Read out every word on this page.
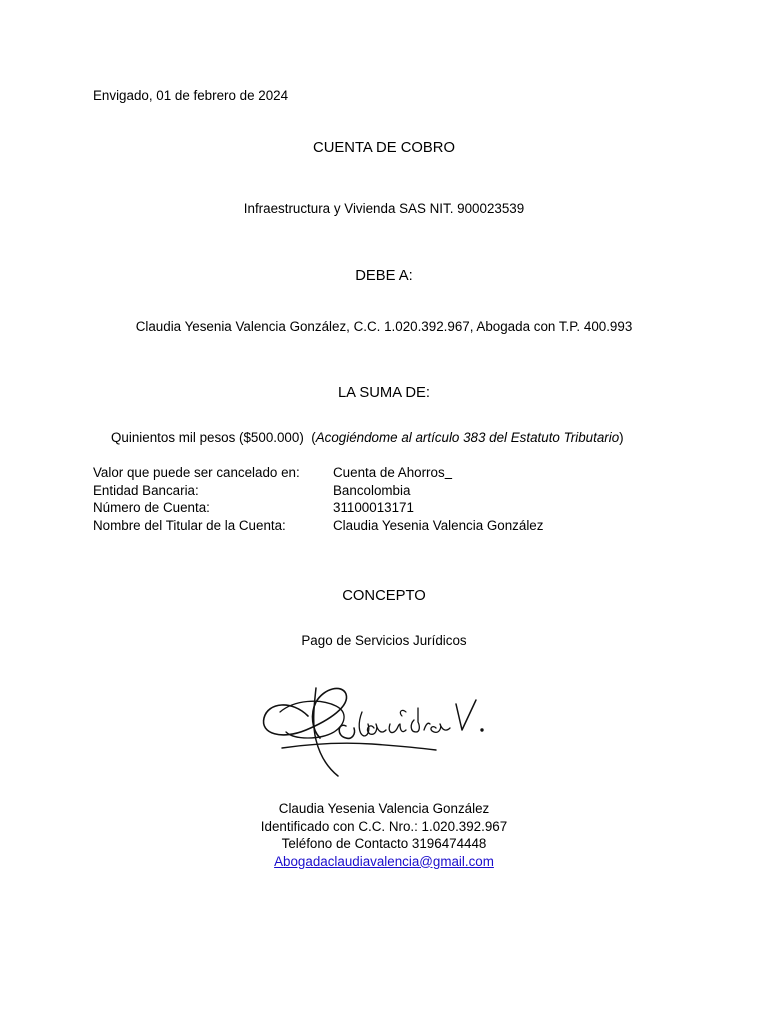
Envigado, 01 de febrero de 2024
CUENTA DE COBRO
Infraestructura y Vivienda SAS NIT. 900023539
DEBE A:
Claudia Yesenia Valencia González, C.C. 1.020.392.967, Abogada con T.P. 400.993
LA SUMA DE:
Quinientos mil pesos ($500.000) (Acogiéndome al artículo 383 del Estatuto Tributario)
Valor que puede ser cancelado en:	Cuenta de Ahorros
Entidad Bancaria:	Bancolombia
Número de Cuenta:	31100013171
Nombre del Titular de la Cuenta:	Claudia Yesenia Valencia González
CONCEPTO
Pago de Servicios Jurídicos
Claudia Yesenia Valencia González
Identificado con C.C. Nro.: 1.020.392.967
Teléfono de Contacto 3196474448
Abogadaclaudiavalencia@gmail.com
